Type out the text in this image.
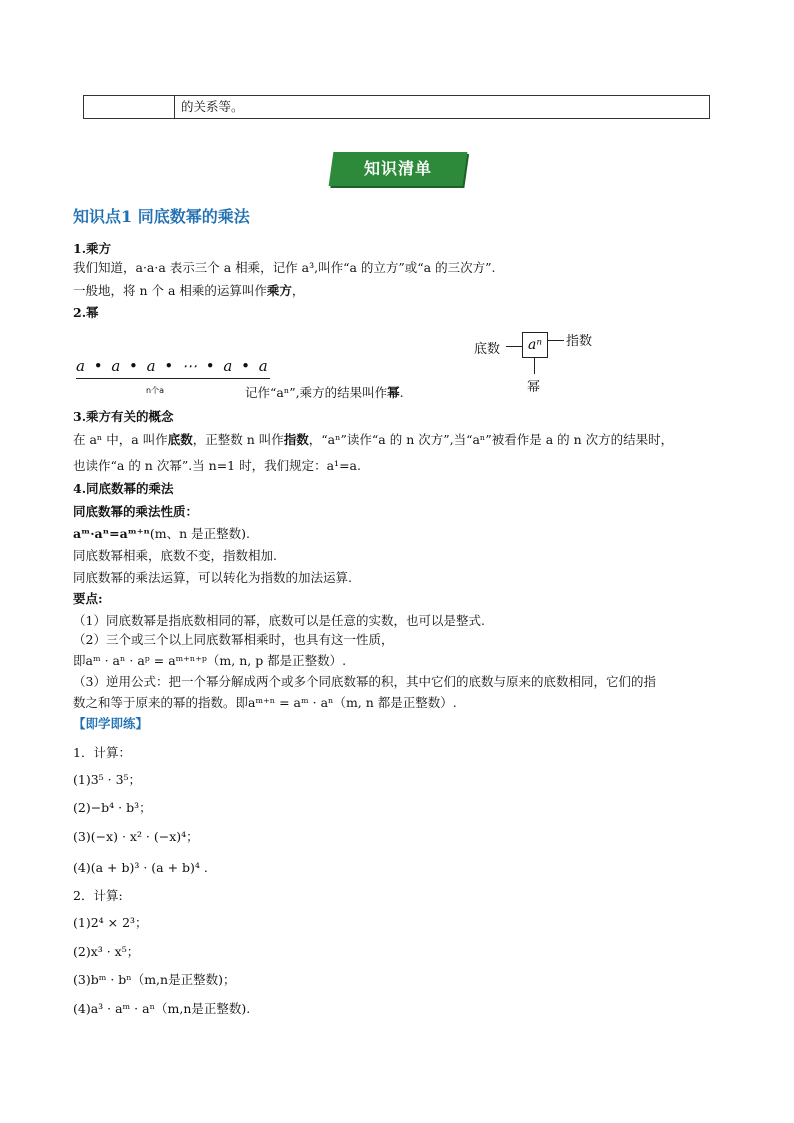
的关系等。
知识清单
知识点1 同底数幂的乘法
1.乘方
我们知道，a·a·a 表示三个 a 相乘，记作 a³,叫作“a 的立方”或“a 的三次方”.
一般地，将 n 个 a 相乘的运算叫作乘方，
2.幂
a • a • a • ⋯ • a • a
n个a	记作“aⁿ”,乘方的结果叫作幂.
底数	aⁿ	指数
幂
3.乘方有关的概念
在 aⁿ 中，a 叫作底数，正整数 n 叫作指数，“aⁿ”读作“a 的 n 次方”,当“aⁿ”被看作是 a 的 n 次方的结果时，
也读作“a 的 n 次幂”.当 n=1 时，我们规定：a¹=a.
4.同底数幂的乘法
同底数幂的乘法性质：
aᵐ·aⁿ=aᵐ⁺ⁿ(m、n 是正整数).
同底数幂相乘，底数不变，指数相加.
同底数幂的乘法运算，可以转化为指数的加法运算.
要点:
（1）同底数幂是指底数相同的幂，底数可以是任意的实数，也可以是整式.
（2）三个或三个以上同底数幂相乘时，也具有这一性质，
即aᵐ · aⁿ · aᵖ = aᵐ⁺ⁿ⁺ᵖ（m, n, p 都是正整数）.
（3）逆用公式：把一个幂分解成两个或多个同底数幂的积，其中它们的底数与原来的底数相同，它们的指
数之和等于原来的幂的指数。即aᵐ⁺ⁿ = aᵐ · aⁿ（m, n 都是正整数）.
【即学即练】
1．计算：
(1)3⁵ · 3⁵；
(2)−b⁴ · b³；
(3)(−x) · x² · (−x)⁴；
(4)(a + b)³ · (a + b)⁴ .
2．计算:
(1)2⁴ × 2³；
(2)x³ · x⁵；
(3)bᵐ · bⁿ（m,n是正整数)；
(4)a³ · aᵐ · aⁿ（m,n是正整数).
